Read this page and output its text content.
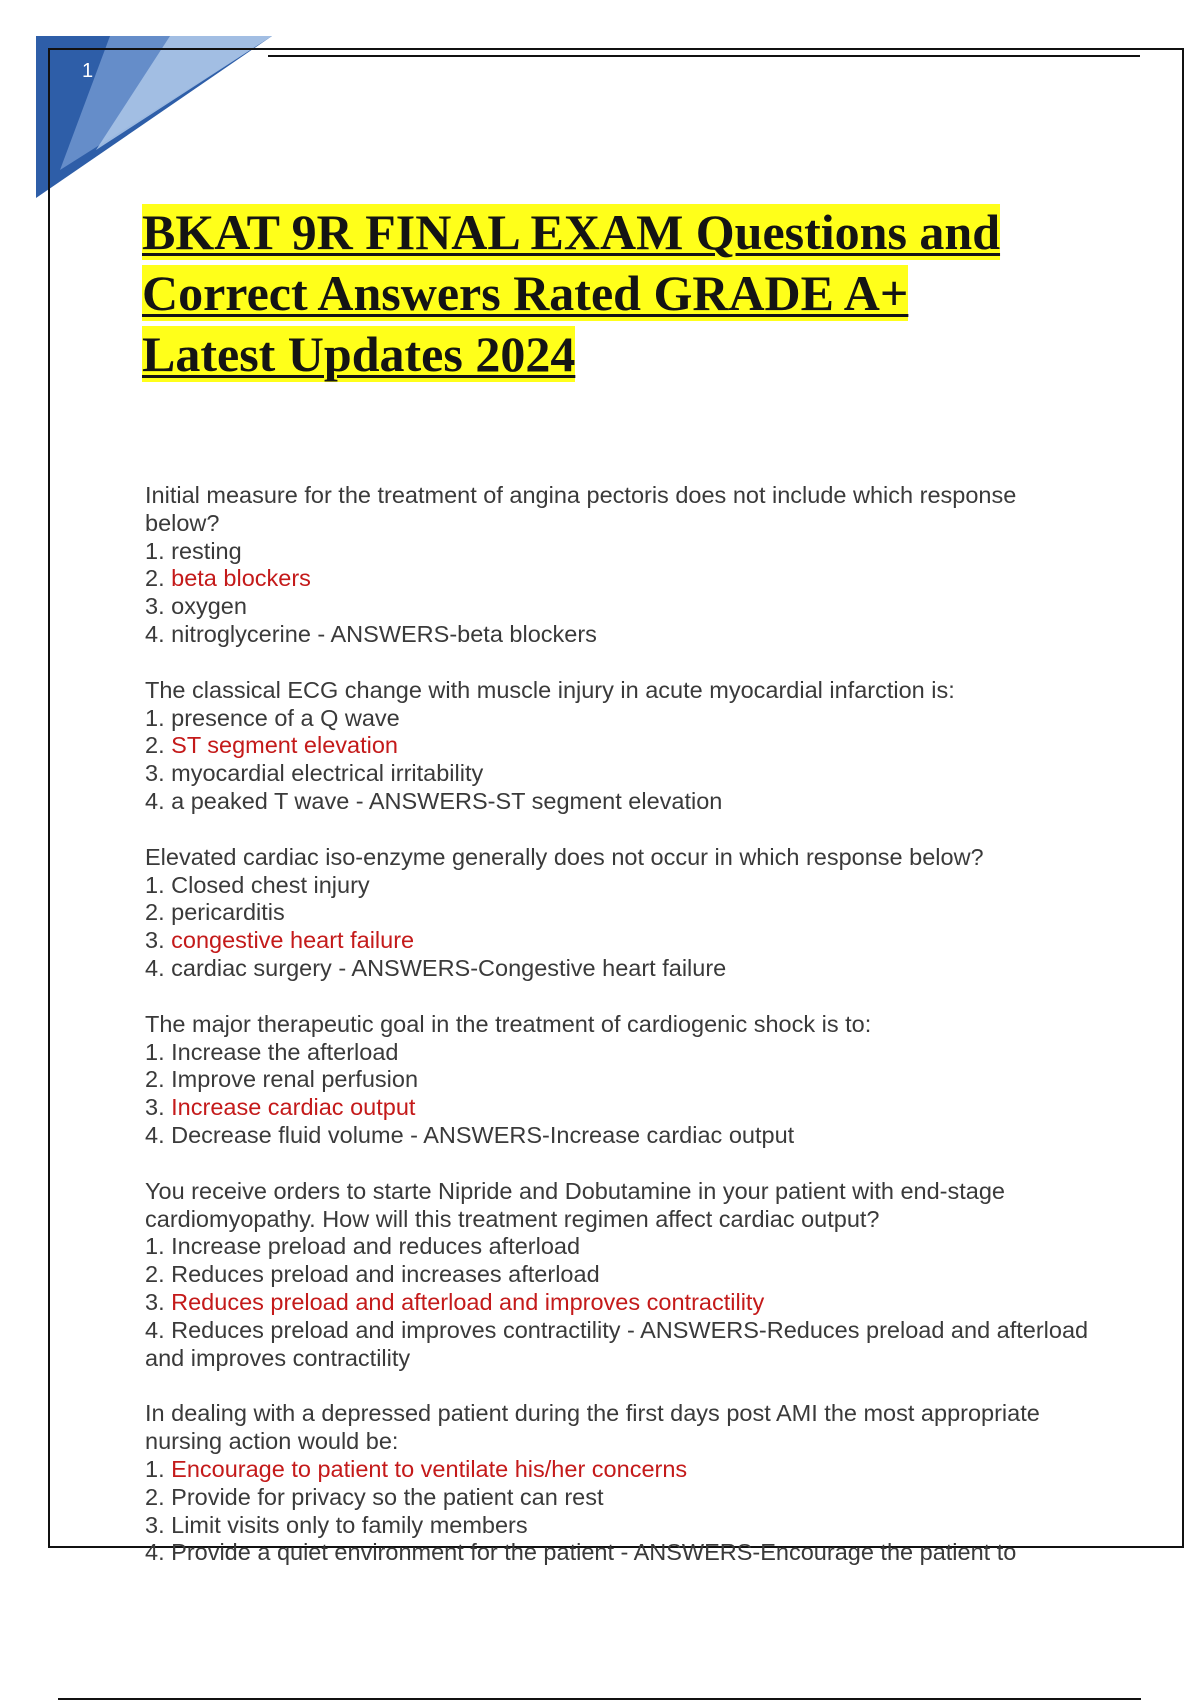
1
BKAT 9R FINAL EXAM Questions and
Correct Answers Rated GRADE A+
Latest Updates 2024

Initial measure for the treatment of angina pectoris does not include which response below?

1. resting
2. beta blockers
3. oxygen
4. nitroglycerine - ANSWERS-beta blockers

The classical ECG change with muscle injury in acute myocardial infarction is:

1. presence of a Q wave
2. ST segment elevation
3. myocardial electrical irritability
4. a peaked T wave - ANSWERS-ST segment elevation

Elevated cardiac iso-enzyme generally does not occur in which response below?

1. Closed chest injury
2. pericarditis
3. congestive heart failure
4. cardiac surgery - ANSWERS-Congestive heart failure

The major therapeutic goal in the treatment of cardiogenic shock is to:

1. Increase the afterload
2. Improve renal perfusion
3. Increase cardiac output
4. Decrease fluid volume - ANSWERS-Increase cardiac output

You receive orders to starte Nipride and Dobutamine in your patient with end-stage cardiomyopathy. How will this treatment regimen affect cardiac output?

1. Increase preload and reduces afterload
2. Reduces preload and increases afterload
3. Reduces preload and afterload and improves contractility
4. Reduces preload and improves contractility - ANSWERS-Reduces preload and afterload and improves contractility

In dealing with a depressed patient during the first days post AMI the most appropriate nursing action would be:

1. Encourage to patient to ventilate his/her concerns
2. Provide for privacy so the patient can rest
3. Limit visits only to family members
4. Provide a quiet environment for the patient - ANSWERS-Encourage the patient to
